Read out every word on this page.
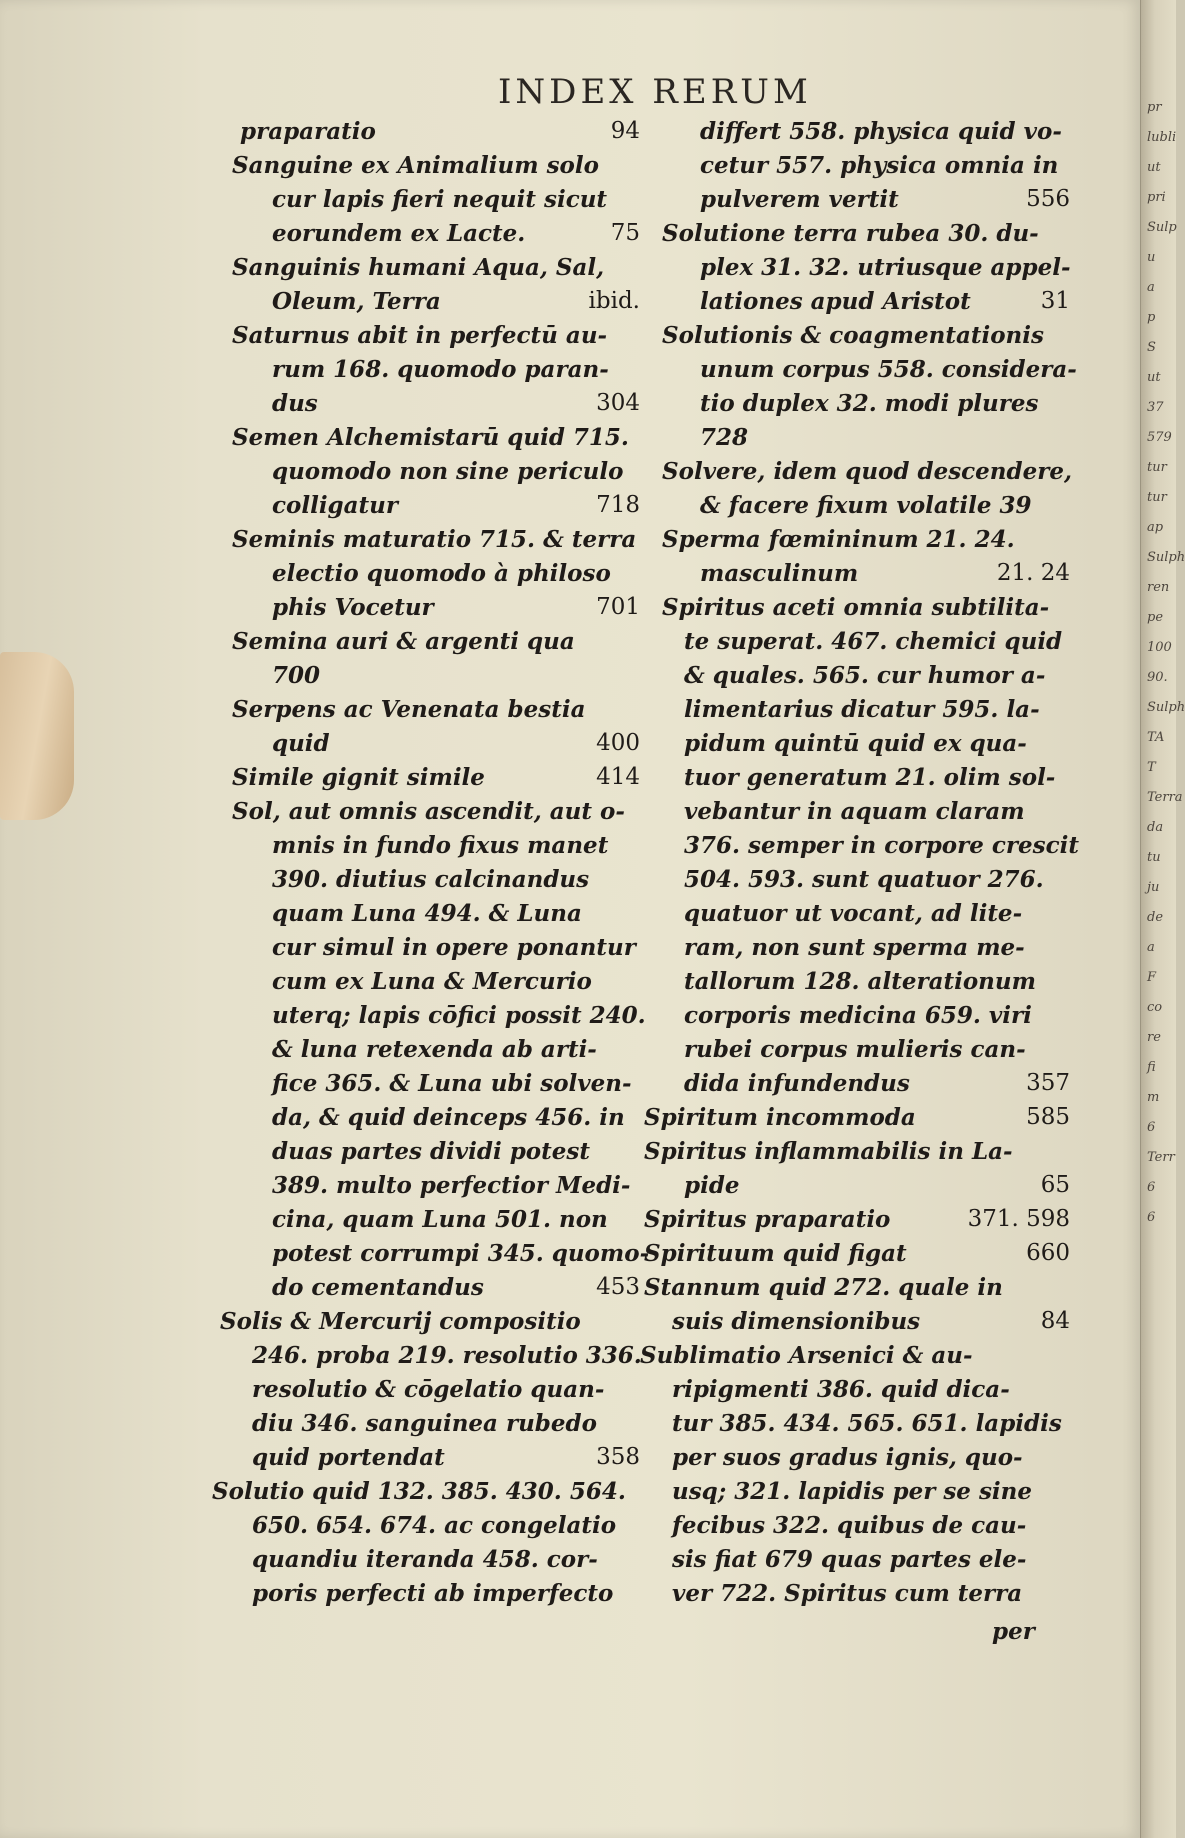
INDEX RERUM
praparatio	94
Sanguine ex Animalium solo
cur lapis fieri nequit sicut
eorundem ex Lacte.	75
Sanguinis humani Aqua, Sal,
Oleum, Terra	ibid.
Saturnus abit in perfectū au-
rum 168. quomodo paran-
dus	304
Semen Alchemistarū quid 715.
quomodo non sine periculo
colligatur	718
Seminis maturatio 715. & terra
electio quomodo à philoso
phis Vocetur	701
Semina auri & argenti qua
700
Serpens ac Venenata bestia
quid	400
Simile gignit simile	414
Sol, aut omnis ascendit, aut o-
mnis in fundo fixus manet
390. diutius calcinandus
quam Luna 494. & Luna
cur simul in opere ponantur
cum ex Luna & Mercurio
uterq; lapis cōfici possit 240.
& luna retexenda ab arti-
fice 365. & Luna ubi solven-
da, & quid deinceps 456. in
duas partes dividi potest
389. multo perfectior Medi-
cina, quam Luna 501. non
potest corrumpi 345. quomo-
do cementandus	453
Solis & Mercurij compositio
246. proba 219. resolutio 336.
resolutio & cōgelatio quan-
diu 346. sanguinea rubedo
quid portendat	358
Solutio quid 132. 385. 430. 564.
650. 654. 674. ac congelatio
quandiu iteranda 458. cor-
poris perfecti ab imperfecto
differt 558. physica quid vo-
cetur 557. physica omnia in
pulverem vertit	556
Solutione terra rubea 30. du-
plex 31. 32. utriusque appel-
lationes apud Aristot	31
Solutionis & coagmentationis
unum corpus 558. considera-
tio duplex 32. modi plures
728
Solvere, idem quod descendere,
& facere fixum volatile 39
Sperma fœmininum 21. 24.
masculinum	21. 24
Spiritus aceti omnia subtilita-
te superat. 467. chemici quid
& quales. 565. cur humor a-
limentarius dicatur 595. la-
pidum quintū quid ex qua-
tuor generatum 21. olim sol-
vebantur in aquam claram
376. semper in corpore crescit
504. 593. sunt quatuor 276.
quatuor ut vocant, ad lite-
ram, non sunt sperma me-
tallorum 128. alterationum
corporis medicina 659. viri
rubei corpus mulieris can-
dida infundendus	357
Spiritum incommoda	585
Spiritus inflammabilis in La-
pide	65
Spiritus praparatio	371. 598
Spirituum quid figat	660
Stannum quid 272. quale in
suis dimensionibus	84
Sublimatio Arsenici & au-
ripigmenti 386. quid dica-
tur 385. 434. 565. 651. lapidis
per suos gradus ignis, quo-
usq; 321. lapidis per se sine
fecibus 322. quibus de cau-
sis fiat 679 quas partes ele-
ver 722. Spiritus cum terra
per
pr
lubli
ut
pri
Sulp
u
a
p
S
ut
37
579
tur
tur
ap
Sulph
ren
pe
100
90.
Sulph
TA
T
Terra
da
tu
ju
de
a
F
co
re
fi
m
6
Terr
6
6
